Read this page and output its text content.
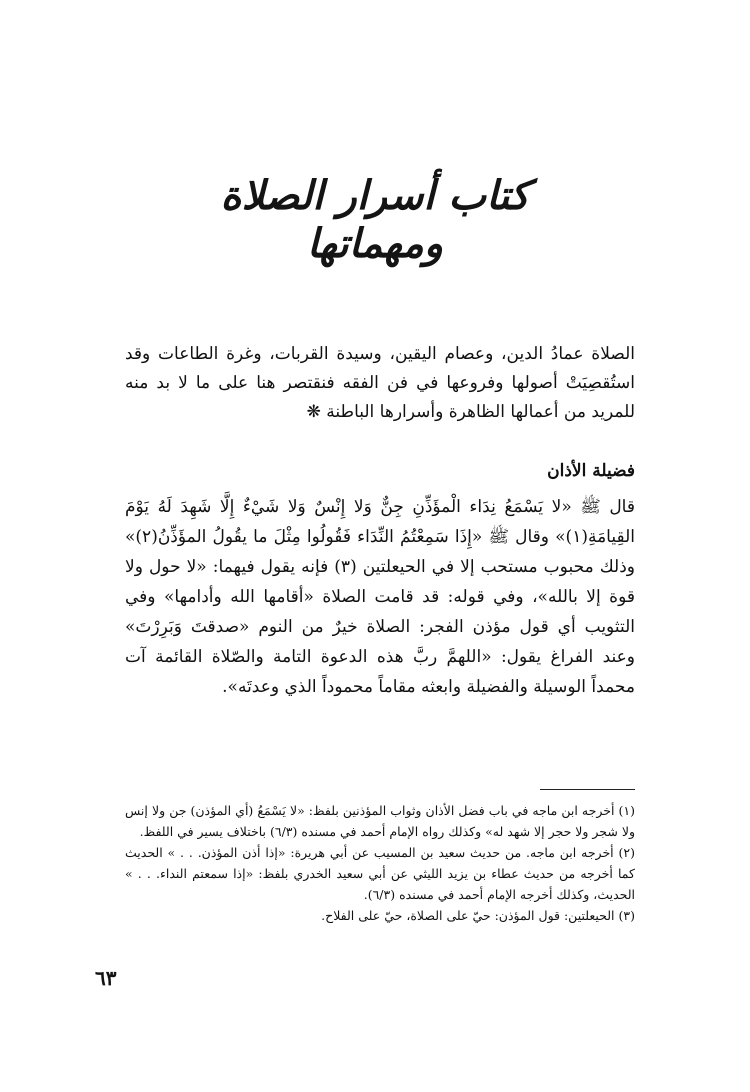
كتاب أسرار الصلاة ومهماتها

الصلاة عمادُ الدين، وعصام اليقين، وسيدة القربات، وغرة الطاعات وقد استُقصِيَتْ أصولها وفروعها في فن الفقه فنقتصر هنا على ما لا بد منه للمريد من أعمالها الظاهرة وأسرارها الباطنة ❋

فضيلة الأذان

قال ﷺ «لا يَسْمَعُ نِدَاء الْمؤَذِّنِ جِنٌّ وَلا إِنْسٌ وَلا شَيْءٌ إِلَّا شَهِدَ لَهُ يَوْمَ القِيامَةِ(١)» وقال ﷺ «إِذَا سَمِعْتُمُ النِّدَاء فَقُولُوا مِثْلَ ما يقُولُ المؤَذِّنُ(٢)» وذلك محبوب مستحب إلا في الحيعلتين (٣) فإنه يقول فيهما: «لا حول ولا قوة إلا بالله»، وفي قوله: قد قامت الصلاة «أقامها الله وأدامها» وفي التثويب أي قول مؤذن الفجر: الصلاة خيرٌ من النوم «صدقتَ وَبَرِرْتَ» وعند الفراغ يقول: «اللهمَّ ربَّ هذه الدعوة التامة والصّلاة القائمة آت محمداً الوسيلة والفضيلة وابعثه مقاماً محموداً الذي وعدتَه».

(١) أخرجه ابن ماجه في باب فضل الأذان وثواب المؤذنين بلفظ: «لا يَسْمَعُ (أي المؤذن) جن ولا إنس ولا شجر ولا حجر إلا شهد له» وكذلك رواه الإمام أحمد في مسنده (٦/٣) باختلاف يسير في اللفظ.

(٢) أخرجه ابن ماجه. من حديث سعيد بن المسيب عن أبي هريرة: «إذا أذن المؤذن. . . » الحديث كما أخرجه من حديث عطاء بن يزيد الليثي عن أبي سعيد الخدري بلفظ: «إذا سمعتم النداء. . . » الحديث، وكذلك أخرجه الإمام أحمد في مسنده (٦/٣).

(٣) الحيعلتين: قول المؤذن: حيّ على الصلاة، حيّ على الفلاح.

٦٣
